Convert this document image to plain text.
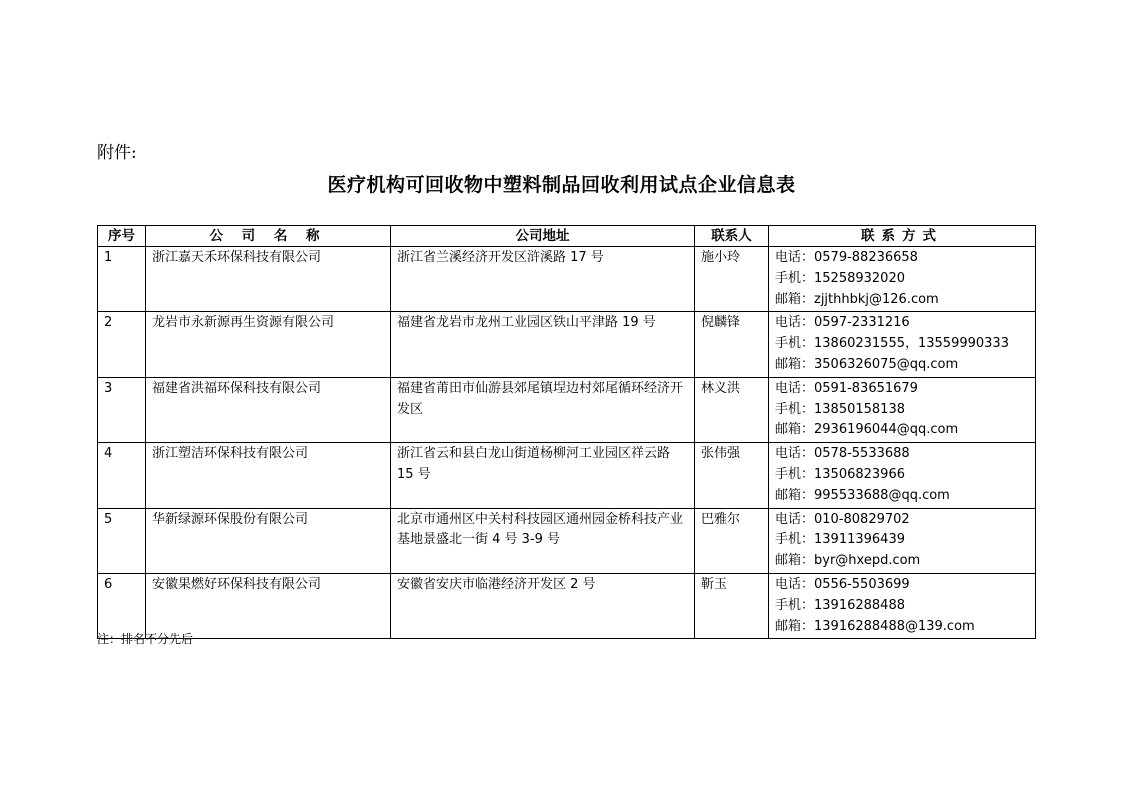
附件:
医疗机构可回收物中塑料制品回收利用试点企业信息表
序号	公 司 名 称	公司地址	联系人	联系方式
1	浙江嘉天禾环保科技有限公司	浙江省兰溪经济开发区浒溪路 17 号	施小玲	电话：0579-88236658
手机：15258932020
邮箱：zjjthhbkj@126.com

2	龙岩市永新源再生资源有限公司	福建省龙岩市龙州工业园区铁山平津路 19 号	倪麟锋	电话：0597-2331216
手机：13860231555，13559990333
邮箱：3506326075@qq.com

3	福建省洪福环保科技有限公司	福建省莆田市仙游县郊尾镇埕边村郊尾循环经济开发区	林义洪	电话：0591-83651679
手机：13850158138
邮箱：2936196044@qq.com

4	浙江塑洁环保科技有限公司	浙江省云和县白龙山街道杨柳河工业园区祥云路 15 号	张伟强	电话：0578-5533688
手机：13506823966
邮箱：995533688@qq.com

5	华新绿源环保股份有限公司	北京市通州区中关村科技园区通州园金桥科技产业基地景盛北一街 4 号 3-9 号	巴雅尔	电话：010-80829702
手机：13911396439
邮箱：byr@hxepd.com

6	安徽果燃好环保科技有限公司	安徽省安庆市临港经济开发区 2 号	靳玉	电话：0556-5503699
手机：13916288488
邮箱：13916288488@139.com
注：排名不分先后
